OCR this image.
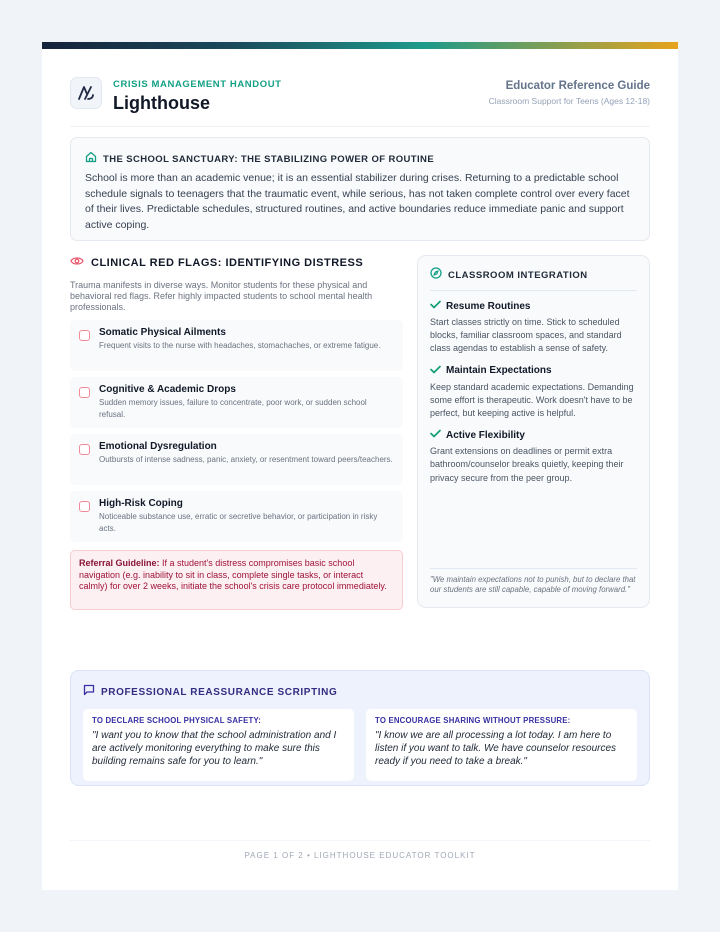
CRISIS MANAGEMENT HANDOUT
Lighthouse
Educator Reference Guide
Classroom Support for Teens (Ages 12-18)
THE SCHOOL SANCTUARY: THE STABILIZING POWER OF ROUTINE

School is more than an academic venue; it is an essential stabilizer during crises. Returning to a predictable school schedule signals to teenagers that the traumatic event, while serious, has not taken complete control over every facet of their lives. Predictable schedules, structured routines, and active boundaries reduce immediate panic and support active coping.

CLINICAL RED FLAGS: IDENTIFYING DISTRESS
Trauma manifests in diverse ways. Monitor students for these physical and behavioral red flags. Refer highly impacted students to school mental health professionals.
Somatic Physical Ailments
Frequent visits to the nurse with headaches, stomachaches, or extreme fatigue.
Cognitive & Academic Drops
Sudden memory issues, failure to concentrate, poor work, or sudden school refusal.
Emotional Dysregulation
Outbursts of intense sadness, panic, anxiety, or resentment toward peers/teachers.
High-Risk Coping
Noticeable substance use, erratic or secretive behavior, or participation in risky acts.
Referral Guideline: If a student's distress compromises basic school navigation (e.g. inability to sit in class, complete single tasks, or interact calmly) for over 2 weeks, initiate the school's crisis care protocol immediately.
CLASSROOM INTEGRATION
Resume Routines
Start classes strictly on time. Stick to scheduled blocks, familiar classroom spaces, and standard class agendas to establish a sense of safety.
Maintain Expectations
Keep standard academic expectations. Demanding some effort is therapeutic. Work doesn't have to be perfect, but keeping active is helpful.
Active Flexibility
Grant extensions on deadlines or permit extra bathroom/counselor breaks quietly, keeping their privacy secure from the peer group.
"We maintain expectations not to punish, but to declare that our students are still capable, capable of moving forward."
PROFESSIONAL REASSURANCE SCRIPTING
TO DECLARE SCHOOL PHYSICAL SAFETY:
"I want you to know that the school administration and I are actively monitoring everything to make sure this building remains safe for you to learn."
TO ENCOURAGE SHARING WITHOUT PRESSURE:
"I know we are all processing a lot today. I am here to listen if you want to talk. We have counselor resources ready if you need to take a break."
PAGE 1 OF 2 • LIGHTHOUSE EDUCATOR TOOLKIT
